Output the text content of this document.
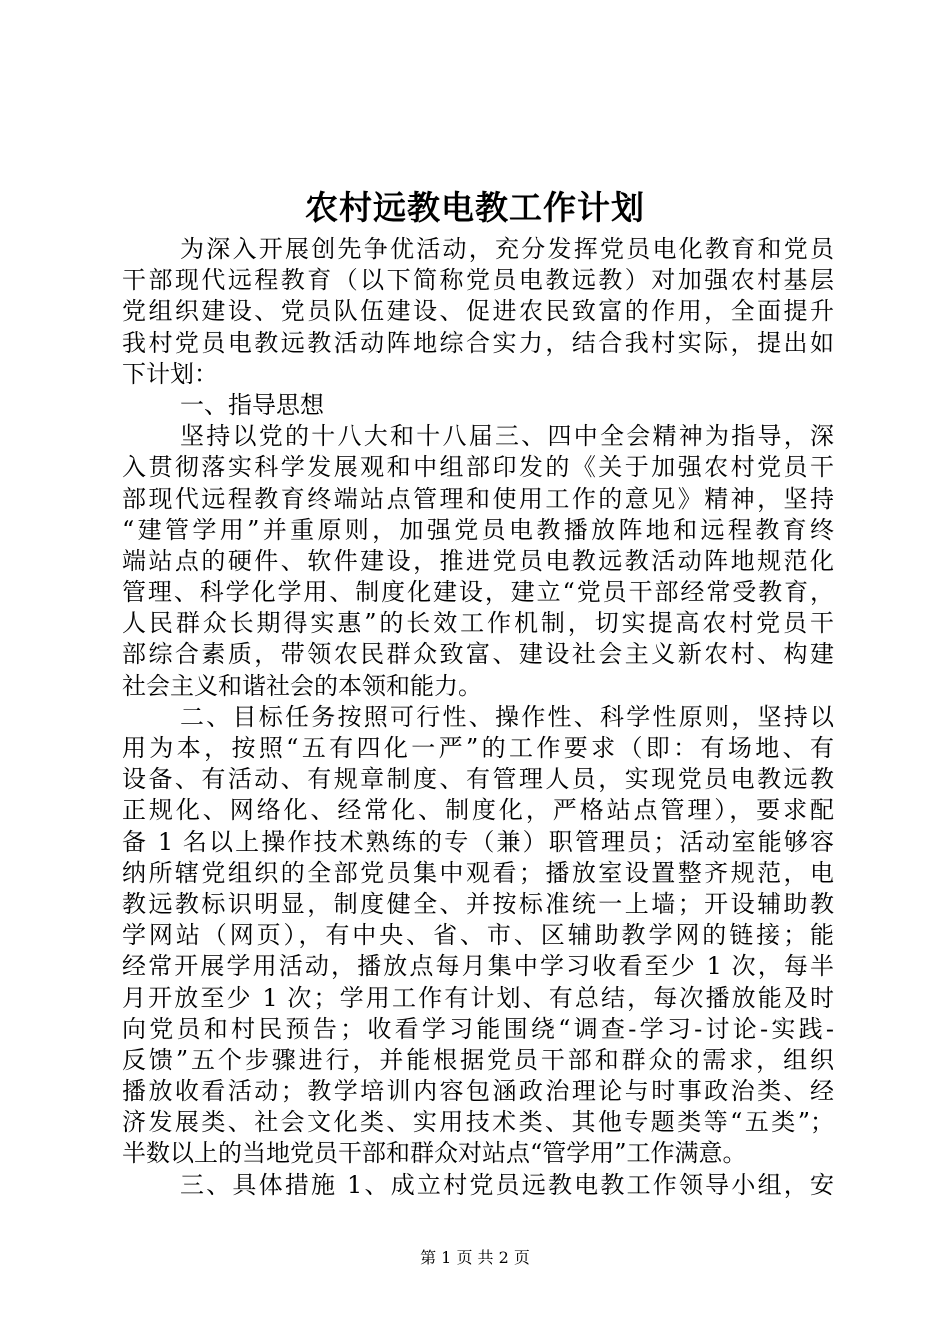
农村远教电教工作计划
为深入开展创先争优活动，充分发挥党员电化教育和党员
干部现代远程教育（以下简称党员电教远教）对加强农村基层
党组织建设、党员队伍建设、促进农民致富的作用，全面提升
我村党员电教远教活动阵地综合实力，结合我村实际，提出如
下计划：
一、指导思想
坚持以党的十八大和十八届三、四中全会精神为指导，深
入贯彻落实科学发展观和中组部印发的《关于加强农村党员干
部现代远程教育终端站点管理和使用工作的意见》精神，坚持
“建管学用”并重原则，加强党员电教播放阵地和远程教育终
端站点的硬件、软件建设，推进党员电教远教活动阵地规范化
管理、科学化学用、制度化建设，建立“党员干部经常受教育，
人民群众长期得实惠”的长效工作机制，切实提高农村党员干
部综合素质，带领农民群众致富、建设社会主义新农村、构建
社会主义和谐社会的本领和能力。
二、目标任务按照可行性、操作性、科学性原则，坚持以
用为本，按照“五有四化一严”的工作要求（即：有场地、有
设备、有活动、有规章制度、有管理人员，实现党员电教远教
正规化、网络化、经常化、制度化，严格站点管理），要求配
备 1 名以上操作技术熟练的专（兼）职管理员；活动室能够容
纳所辖党组织的全部党员集中观看；播放室设置整齐规范，电
教远教标识明显，制度健全、并按标准统一上墙；开设辅助教
学网站（网页），有中央、省、市、区辅助教学网的链接；能
经常开展学用活动，播放点每月集中学习收看至少 1 次，每半
月开放至少 1 次；学用工作有计划、有总结，每次播放能及时
向党员和村民预告；收看学习能围绕“调查-学习-讨论-实践-
反馈”五个步骤进行，并能根据党员干部和群众的需求，组织
播放收看活动；教学培训内容包涵政治理论与时事政治类、经
济发展类、社会文化类、实用技术类、其他专题类等“五类”；
半数以上的当地党员干部和群众对站点“管学用”工作满意。
三、具体措施 1、成立村党员远教电教工作领导小组，安
第 1 页 共 2 页
